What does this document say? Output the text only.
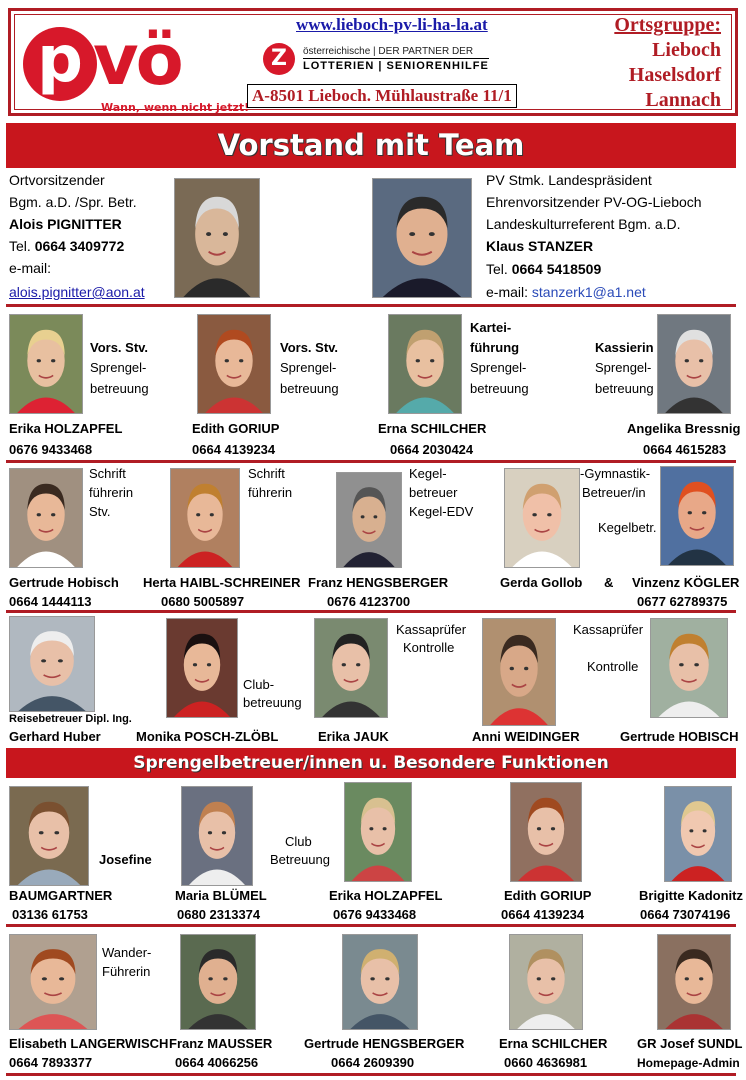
p vö
Wann, wenn nicht jetzt!
www.lieboch-pv-li-ha-la.at
Z	österreichische | DER PARTNER DER
LOTTERIEN | SENIORENHILFE
A-8501 Lieboch. Mühlaustraße 11/1
Ortsgruppe:
Lieboch
Haselsdorf
Lannach
Vorstand mit Team
Ortvorsitzender
Bgm. a.D. /Spr. Betr.
Alois PIGNITTER
Tel. 0664 3409772
e-mail:
alois.pignitter@aon.at
PV Stmk. Landespräsident
Ehrenvorsitzender PV-OG-Lieboch
Landeskulturreferent Bgm. a.D.
Klaus STANZER
Tel. 0664 5418509
e-mail: stanzerk1@a1.net
Vors. Stv.
Sprengel-
betreuung
Vors. Stv.
Sprengel-
betreuung
Kartei-
führung
Sprengel-
betreuung
Kassierin
Sprengel-
betreuung
Erika HOLZAPFEL
0676 9433468
Edith GORIUP
0664 4139234
Erna SCHILCHER
0664 2030424
Angelika Bressnig
0664 4615283
Schrift
führerin
Stv.
Schrift
führerin
Kegel-
betreuer
Kegel-EDV
-Gymnastik-
Betreuer/in
Kegelbetr.
Gertrude Hobisch
0664 1444113
Herta HAIBL-SCHREINER
0680 5005897
Franz HENGSBERGER
0676 4123700
Gerda Gollob & Vinzenz KÖGLER
0677 62789375
Club-
betreuung
Kassaprüfer
Kontrolle
Kassaprüfer
Kontrolle
Reisebetreuer Dipl. Ing.
Gerhard Huber	Monika POSCH-ZLÖBL	Erika JAUK	Anni WEIDINGER	Gertrude HOBISCH
Sprengelbetreuer/innen u. Besondere Funktionen
Josefine
Club
Betreuung
BAUMGARTNER
03136 61753
Maria BLÜMEL
0680 2313374
Erika HOLZAPFEL
0676 9433468
Edith GORIUP
0664 4139234
Brigitte Kadonitz
0664 73074196
Wander-
Führerin
Elisabeth LANGERWISCH
0664 7893377
Franz MAUSSER
0664 4066256
Gertrude HENGSBERGER
0664 2609390
Erna SCHILCHER
0660 4636981
GR Josef SUNDL
Homepage-Admin
